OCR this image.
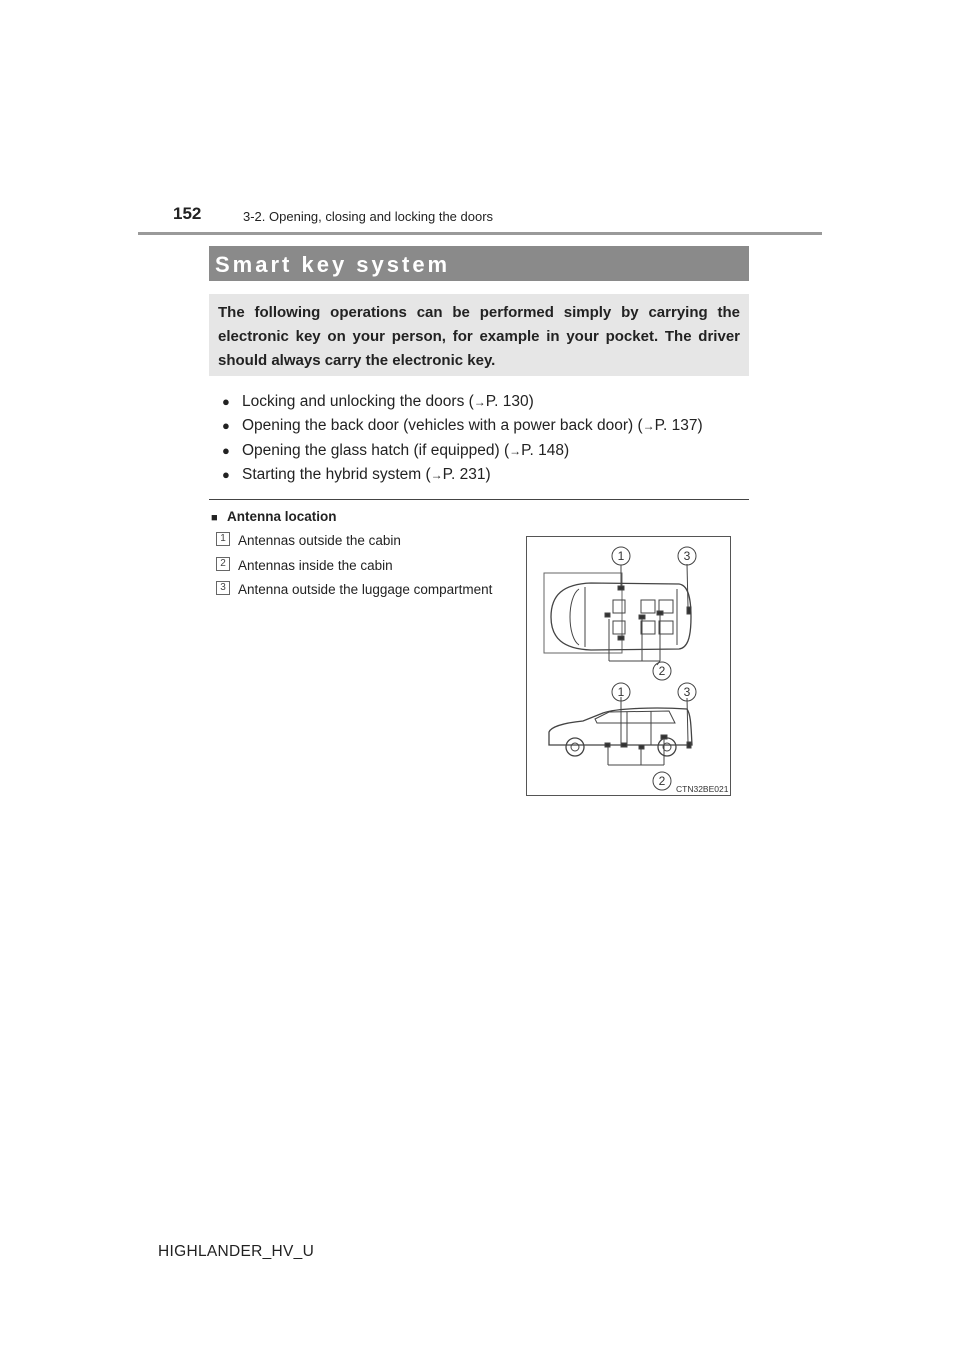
152	3-2. Opening, closing and locking the doors
Smart key system
The following operations can be performed simply by carrying the electronic key on your person, for example in your pocket. The driver should always carry the electronic key.
● Locking and unlocking the doors (→P. 130)
● Opening the back door (vehicles with a power back door) (→P. 137)
● Opening the glass hatch (if equipped) (→P. 148)
● Starting the hybrid system (→P. 231)
■ Antenna location
1 Antennas outside the cabin
2 Antennas inside the cabin
3 Antenna outside the luggage compartment
1	3
2
1	3
2
CTN32BE021
HIGHLANDER_HV_U
